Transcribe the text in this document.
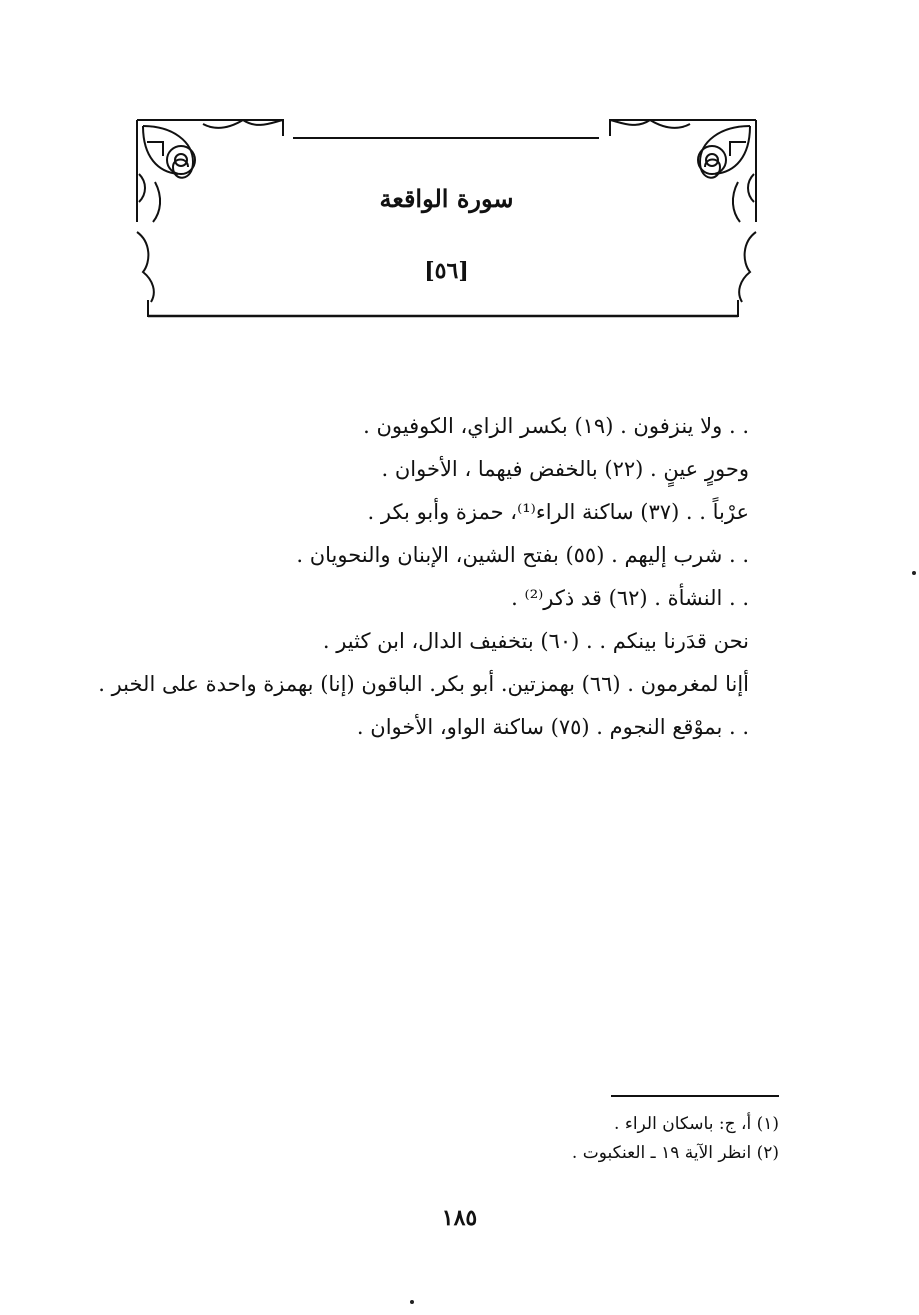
سورة الواقعة
[٥٦]
. . ولا ينزفون . (١٩) بكسر الزاي، الكوفيون .
وحورٍ عينٍ . (٢٢) بالخفض فيهما ، الأخوان .
عرْباً . . (٣٧) ساكنة الراء⁽¹⁾، حمزة وأبو بكر .
. . شرب إليهم . (٥٥) بفتح الشين، الإبنان والنحويان .
. . النشأة . (٦٢) قد ذكر⁽²⁾ .
نحن قدَرنا بينكم . . (٦٠) بتخفيف الدال، ابن كثير .
أإنا لمغرمون . (٦٦) بهمزتين. أبو بكر. الباقون (إنا) بهمزة واحدة على الخبر .
. . بموْقع النجوم . (٧٥) ساكنة الواو، الأخوان .
(١) أ، ج: باسكان الراء .
(٢) انظر الآية ١٩ ـ العنكبوت .
١٨٥
